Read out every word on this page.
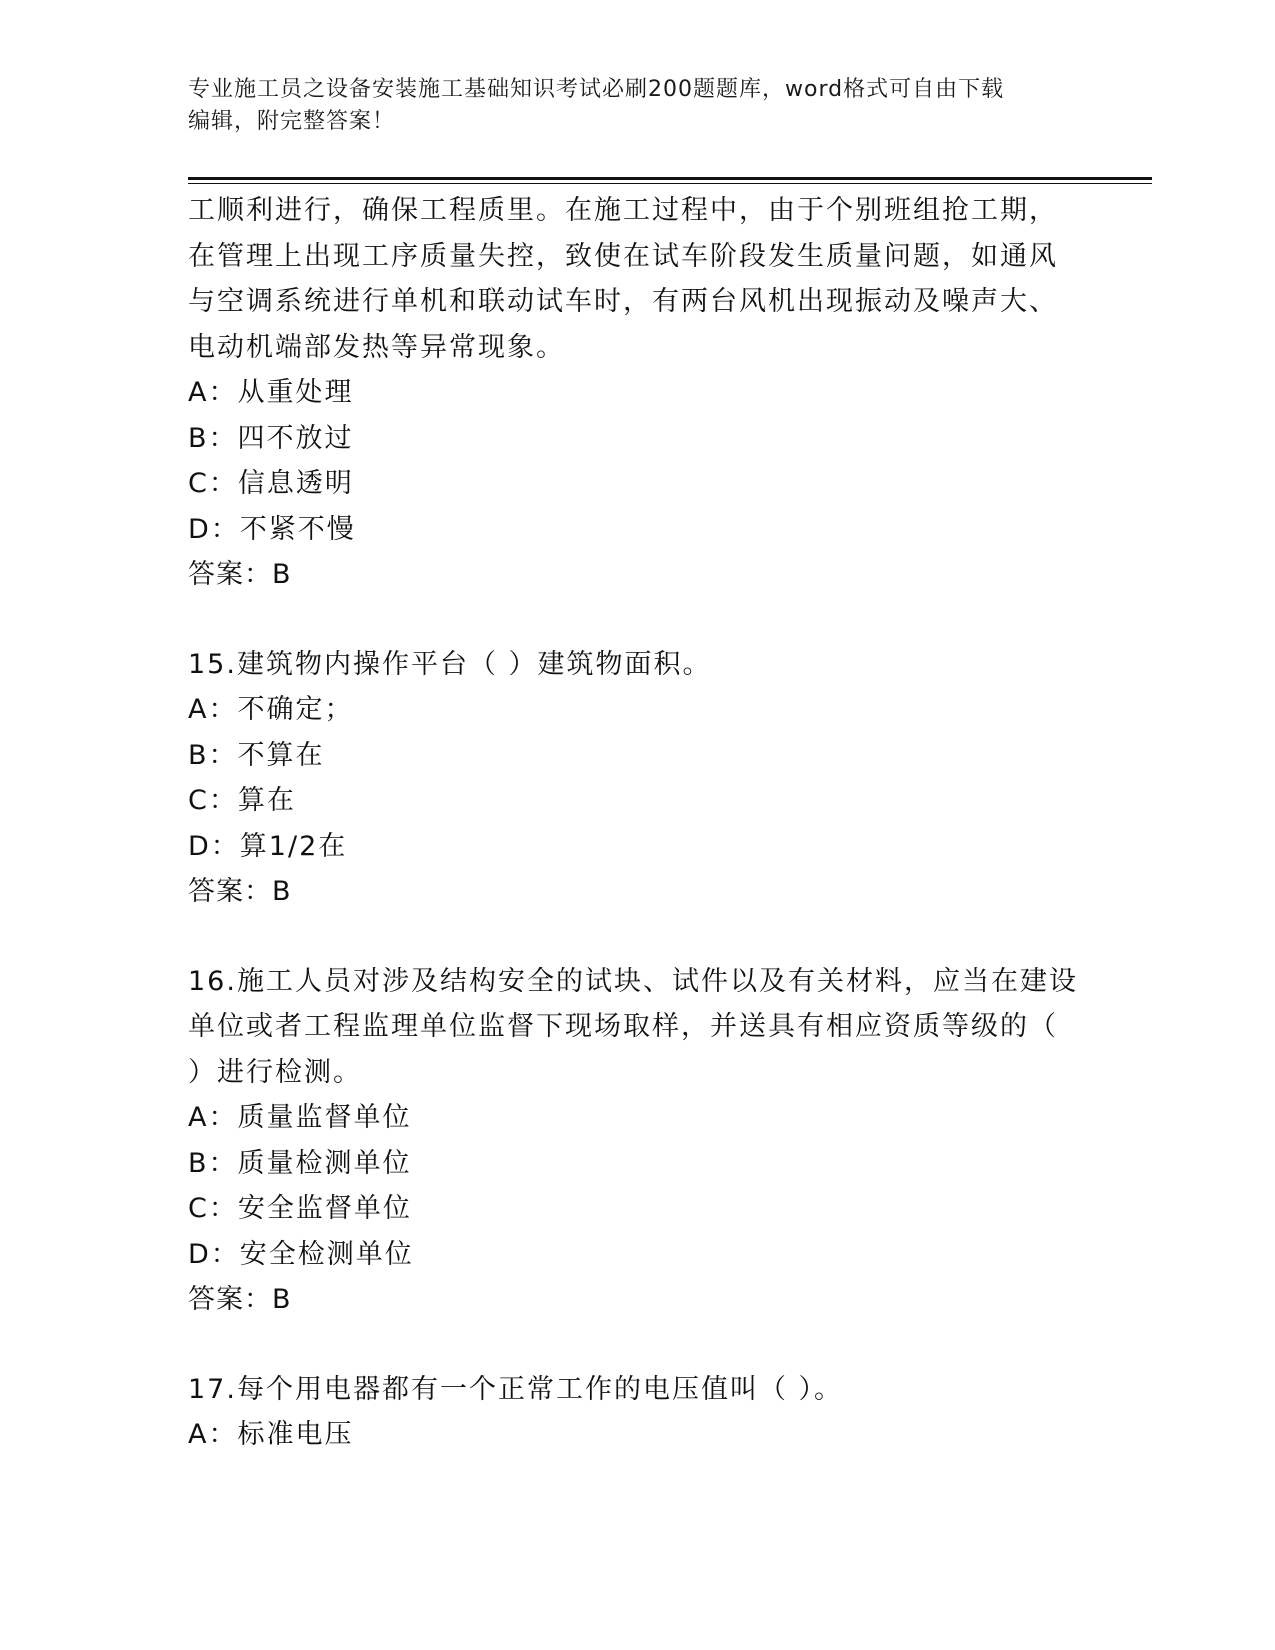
专业施工员之设备安装施工基础知识考试必刷200题题库，word格式可自由下载
编辑，附完整答案！
工顺利进行，确保工程质里。在施工过程中，由于个别班组抢工期，
在管理上出现工序质量失控，致使在试车阶段发生质量问题，如通风
与空调系统进行单机和联动试车时，有两台风机出现振动及噪声大、
电动机端部发热等异常现象。
A：从重处理
B：四不放过
C：信息透明
D：不紧不慢
答案：B
15.建筑物内操作平台（ ）建筑物面积。
A：不确定；
B：不算在
C：算在
D：算1/2在
答案：B
16.施工人员对涉及结构安全的试块、试件以及有关材料，应当在建设
单位或者工程监理单位监督下现场取样，并送具有相应资质等级的（
）进行检测。
A：质量监督单位
B：质量检测单位
C：安全监督单位
D：安全检测单位
答案：B
17.每个用电器都有一个正常工作的电压值叫（ ）。
A：标准电压
